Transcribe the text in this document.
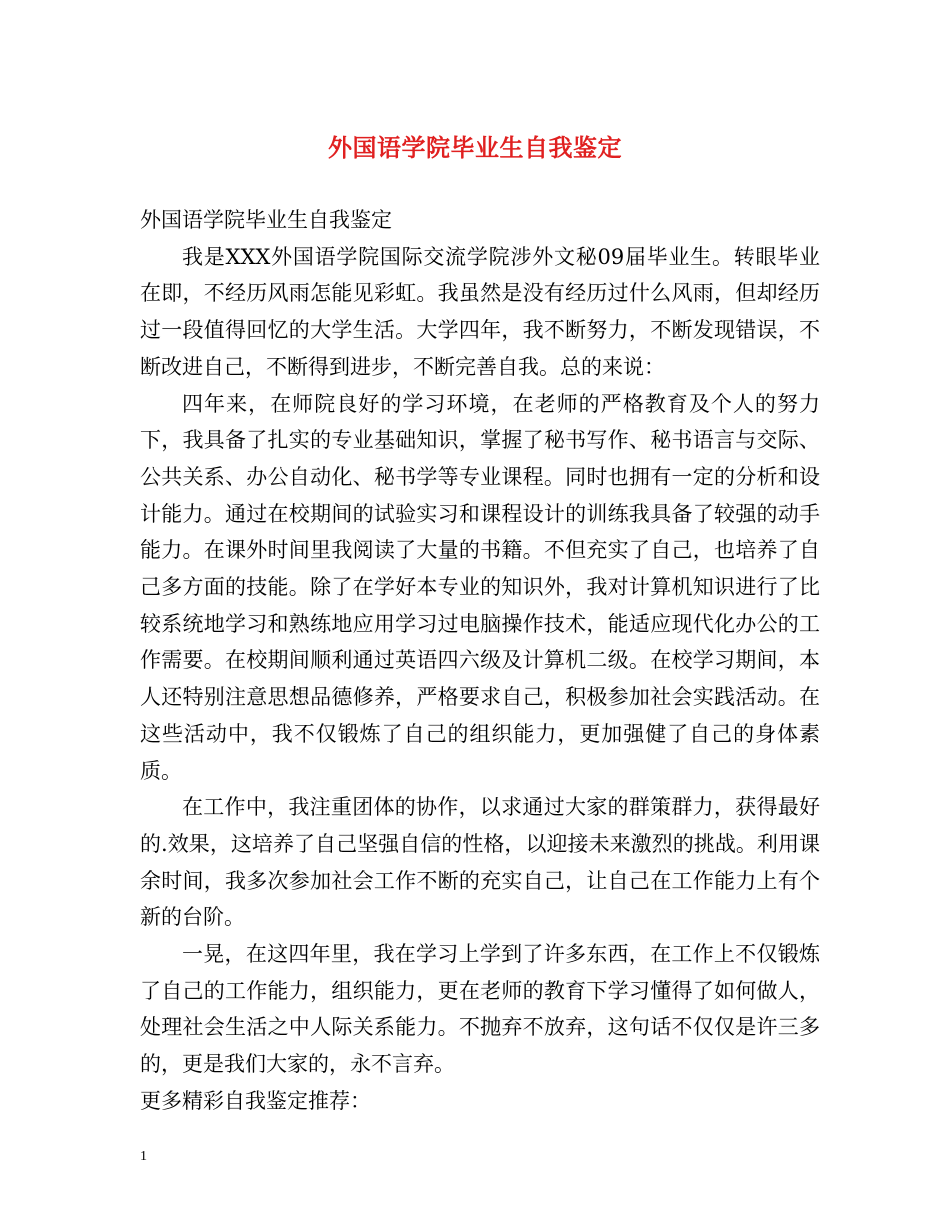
外国语学院毕业生自我鉴定

外国语学院毕业生自我鉴定

我是XXX外国语学院国际交流学院涉外文秘09届毕业生。转眼毕业在即，不经历风雨怎能见彩虹。我虽然是没有经历过什么风雨，但却经历过一段值得回忆的大学生活。大学四年，我不断努力，不断发现错误，不断改进自己，不断得到进步，不断完善自我。总的来说：

四年来，在师院良好的学习环境，在老师的严格教育及个人的努力下，我具备了扎实的专业基础知识，掌握了秘书写作、秘书语言与交际、公共关系、办公自动化、秘书学等专业课程。同时也拥有一定的分析和设计能力。通过在校期间的试验实习和课程设计的训练我具备了较强的动手能力。在课外时间里我阅读了大量的书籍。不但充实了自己，也培养了自己多方面的技能。除了在学好本专业的知识外，我对计算机知识进行了比较系统地学习和熟练地应用学习过电脑操作技术，能适应现代化办公的工作需要。在校期间顺利通过英语四六级及计算机二级。在校学习期间，本人还特别注意思想品德修养，严格要求自己，积极参加社会实践活动。在这些活动中，我不仅锻炼了自己的组织能力，更加强健了自己的身体素质。

在工作中，我注重团体的协作，以求通过大家的群策群力，获得最好的.效果，这培养了自己坚强自信的性格，以迎接未来激烈的挑战。利用课余时间，我多次参加社会工作不断的充实自己，让自己在工作能力上有个新的台阶。

一晃，在这四年里，我在学习上学到了许多东西，在工作上不仅锻炼了自己的工作能力，组织能力，更在老师的教育下学习懂得了如何做人，处理社会生活之中人际关系能力。不抛弃不放弃，这句话不仅仅是许三多的，更是我们大家的，永不言弃。

更多精彩自我鉴定推荐：

1
